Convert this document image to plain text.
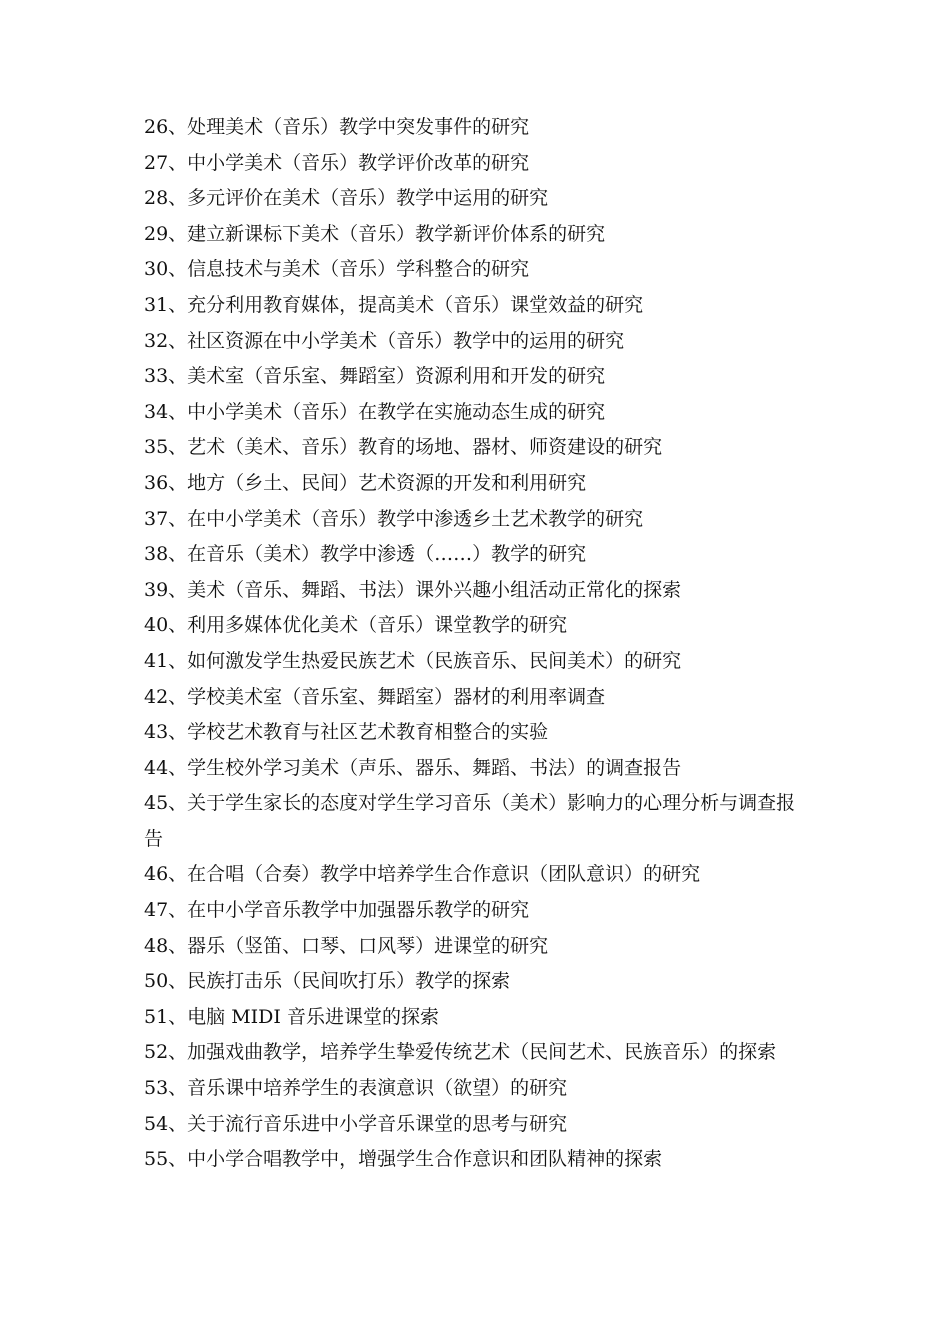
26、处理美术（音乐）教学中突发事件的研究
27、中小学美术（音乐）教学评价改革的研究
28、多元评价在美术（音乐）教学中运用的研究
29、建立新课标下美术（音乐）教学新评价体系的研究
30、信息技术与美术（音乐）学科整合的研究
31、充分利用教育媒体，提高美术（音乐）课堂效益的研究
32、社区资源在中小学美术（音乐）教学中的运用的研究
33、美术室（音乐室、舞蹈室）资源利用和开发的研究
34、中小学美术（音乐）在教学在实施动态生成的研究
35、艺术（美术、音乐）教育的场地、器材、师资建设的研究
36、地方（乡土、民间）艺术资源的开发和利用研究
37、在中小学美术（音乐）教学中渗透乡土艺术教学的研究
38、在音乐（美术）教学中渗透（……）教学的研究
39、美术（音乐、舞蹈、书法）课外兴趣小组活动正常化的探索
40、利用多媒体优化美术（音乐）课堂教学的研究
41、如何激发学生热爱民族艺术（民族音乐、民间美术）的研究
42、学校美术室（音乐室、舞蹈室）器材的利用率调查
43、学校艺术教育与社区艺术教育相整合的实验
44、学生校外学习美术（声乐、器乐、舞蹈、书法）的调查报告
45、关于学生家长的态度对学生学习音乐（美术）影响力的心理分析与调查报告
46、在合唱（合奏）教学中培养学生合作意识（团队意识）的研究
47、在中小学音乐教学中加强器乐教学的研究
48、器乐（竖笛、口琴、口风琴）进课堂的研究
50、民族打击乐（民间吹打乐）教学的探索
51、电脑 MIDI 音乐进课堂的探索
52、加强戏曲教学，培养学生挚爱传统艺术（民间艺术、民族音乐）的探索
53、音乐课中培养学生的表演意识（欲望）的研究
54、关于流行音乐进中小学音乐课堂的思考与研究
55、中小学合唱教学中，增强学生合作意识和团队精神的探索
